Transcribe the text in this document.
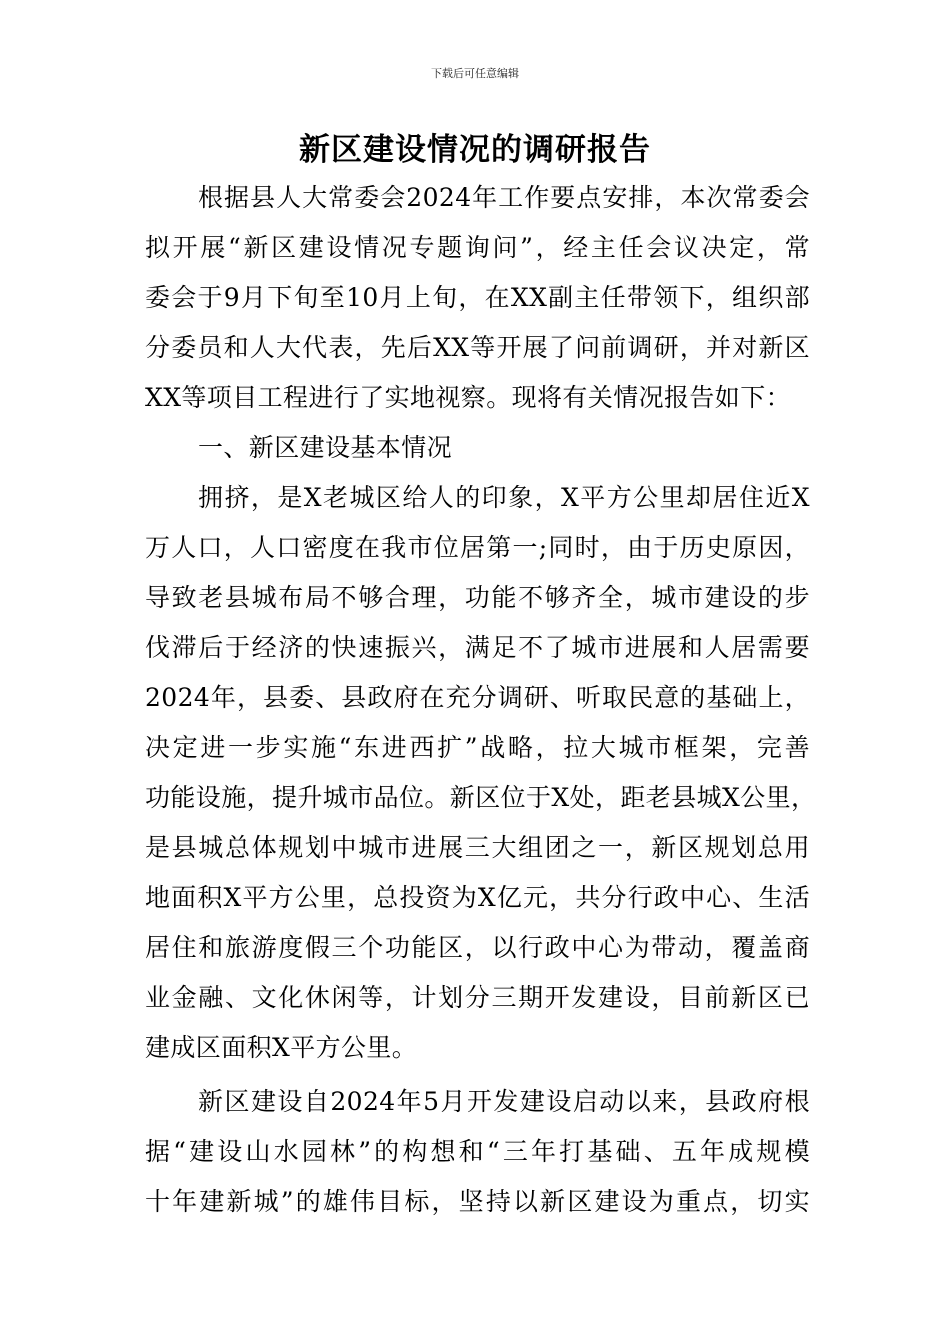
下载后可任意编辑
新区建设情况的调研报告
根据县人大常委会2024年工作要点安排，本次常委会
拟开展“新区建设情况专题询问”，经主任会议决定，常
委会于9月下旬至10月上旬，在XX副主任带领下，组织部
分委员和人大代表，先后XX等开展了问前调研，并对新区
XX等项目工程进行了实地视察。现将有关情况报告如下：
一、新区建设基本情况
拥挤，是X老城区给人的印象，X平方公里却居住近X
万人口，人口密度在我市位居第一;同时，由于历史原因，
导致老县城布局不够合理，功能不够齐全，城市建设的步
伐滞后于经济的快速振兴，满足不了城市进展和人居需要
2024年，县委、县政府在充分调研、听取民意的基础上，
决定进一步实施“东进西扩”战略，拉大城市框架，完善
功能设施，提升城市品位。新区位于X处，距老县城X公里，
是县城总体规划中城市进展三大组团之一，新区规划总用
地面积X平方公里，总投资为X亿元，共分行政中心、生活
居住和旅游度假三个功能区，以行政中心为带动，覆盖商
业金融、文化休闲等，计划分三期开发建设，目前新区已
建成区面积X平方公里。
新区建设自2024年5月开发建设启动以来，县政府根
据“建设山水园林”的构想和“三年打基础、五年成规模
十年建新城”的雄伟目标，坚持以新区建设为重点，切实
